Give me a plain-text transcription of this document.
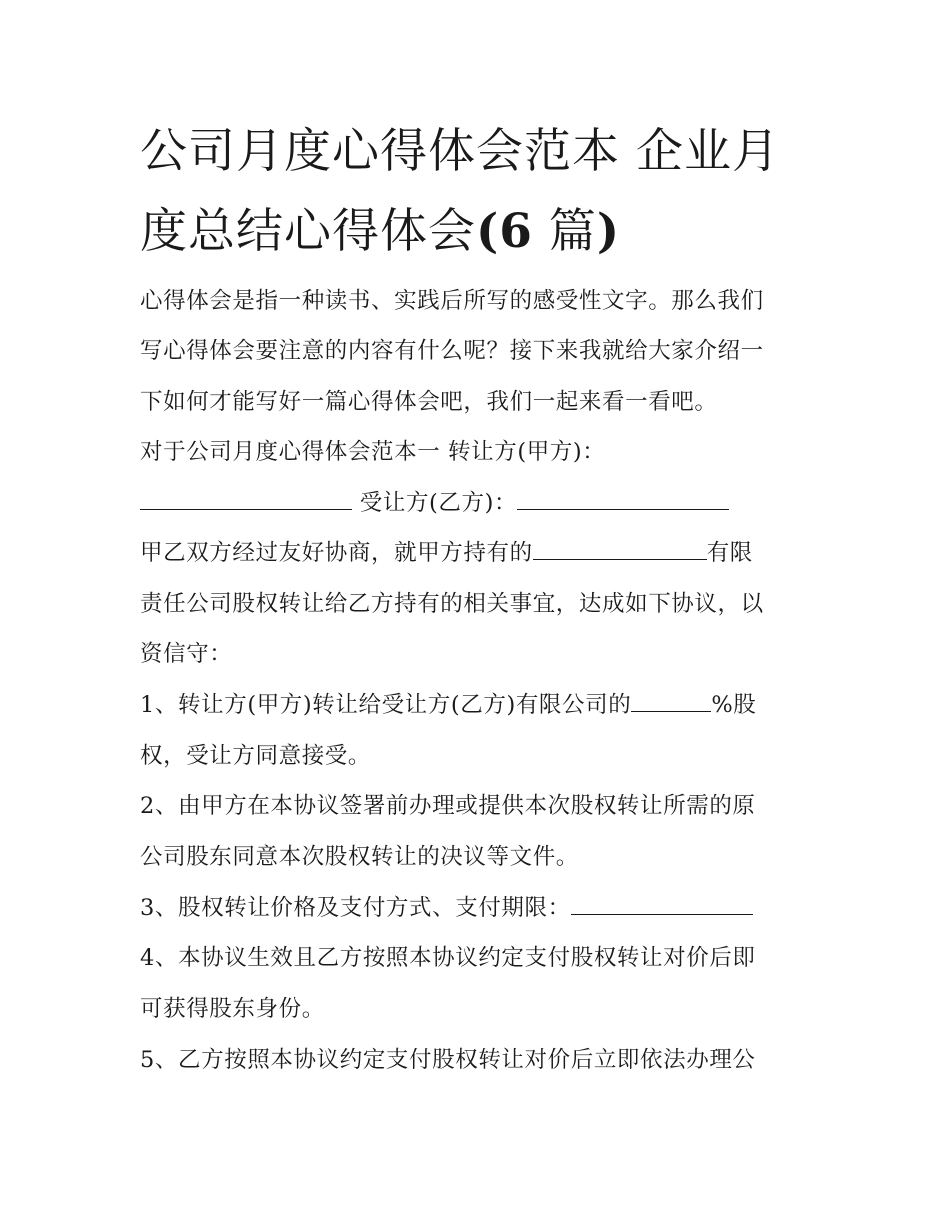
公司月度心得体会范本 企业月
度总结心得体会(6 篇)
心得体会是指一种读书、实践后所写的感受性文字。那么我们
写心得体会要注意的内容有什么呢？接下来我就给大家介绍一
下如何才能写好一篇心得体会吧，我们一起来看一看吧。
对于公司月度心得体会范本一 转让方(甲方)：
受让方(乙方)：
甲乙双方经过友好协商，就甲方持有的	有限
责任公司股权转让给乙方持有的相关事宜，达成如下协议，以
资信守：
1、转让方(甲方)转让给受让方(乙方)有限公司的	%股
权，受让方同意接受。
2、由甲方在本协议签署前办理或提供本次股权转让所需的原
公司股东同意本次股权转让的决议等文件。
3、股权转让价格及支付方式、支付期限：
4、本协议生效且乙方按照本协议约定支付股权转让对价后即
可获得股东身份。
5、乙方按照本协议约定支付股权转让对价后立即依法办理公
